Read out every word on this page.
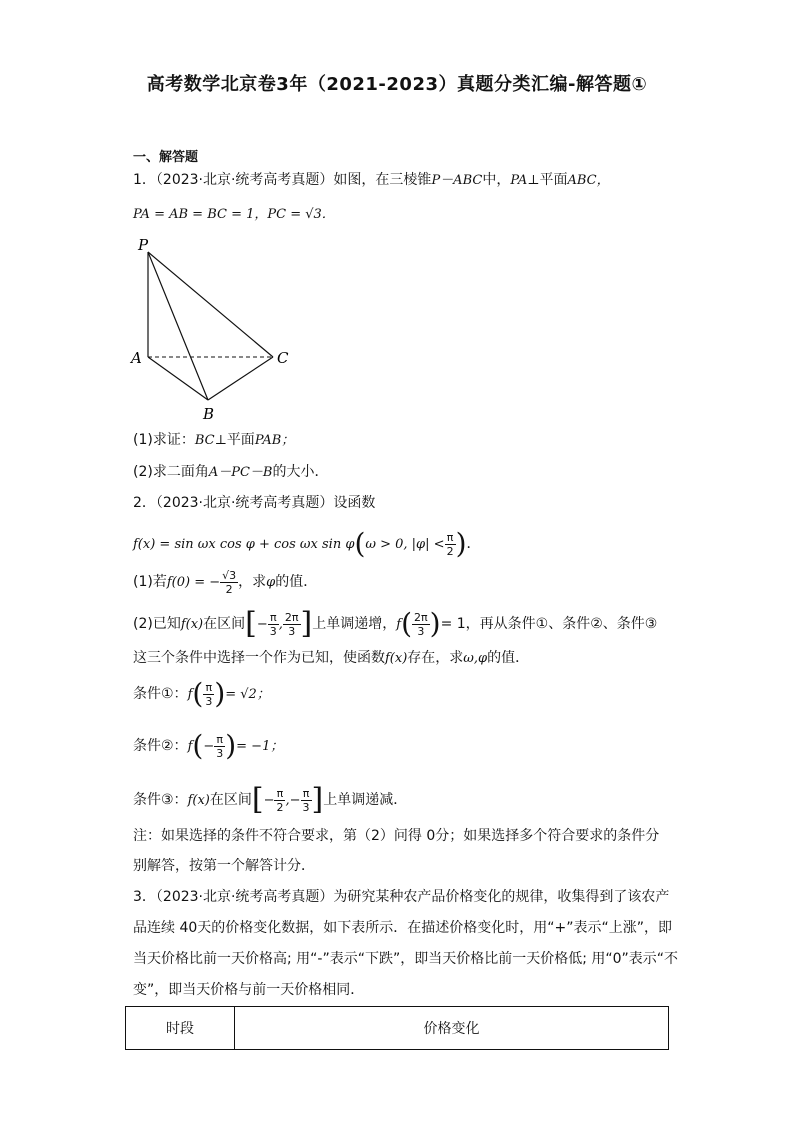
高考数学北京卷3年（2021-2023）真题分类汇编-解答题①
一、解答题
1．（2023·北京·统考高考真题）如图，在三棱锥P－ABC中，PA⊥平面ABC，
PA = AB = BC = 1，PC = √3．
P
A	C
B
(1)求证：BC⊥平面PAB；
(2)求二面角A－PC－B的大小．
2．（2023·北京·统考高考真题）设函数
f(x) = sin ωx cos φ + cos ωx sin φ(ω > 0, $|\varphi| < \frac{\pi}{2}$ )．
(1)若f(0) = − $\frac{√3}{2}$ ，求φ的值．
(2)已知f(x)在区间[− $\frac{\pi}{3}$ , $\frac{2\pi}{3}$ ]上单调递增，$f( \frac{2\pi}{3}$ )= 1，再从条件①、条件②、条件③
这三个条件中选择一个作为已知，使函数f(x)存在，求ω,φ的值．
条件①：$f( \frac{\pi}{3}$ )= √2；
条件②：$f(- \frac{\pi}{3}$ )= −1；
条件③：f(x)在区间[− $\frac{\pi}{2}$ ,− $\frac{\pi}{3}$ ]上单调递减．
注：如果选择的条件不符合要求，第（2）问得 0分；如果选择多个符合要求的条件分
别解答，按第一个解答计分．
3．（2023·北京·统考高考真题）为研究某种农产品价格变化的规律，收集得到了该农产
品连续 40天的价格变化数据，如下表所示．在描述价格变化时，用“+”表示“上涨”，即
当天价格比前一天价格高; 用“-”表示“下跌”，即当天价格比前一天价格低; 用“0”表示“不
变”，即当天价格与前一天价格相同．
时段	价格变化
